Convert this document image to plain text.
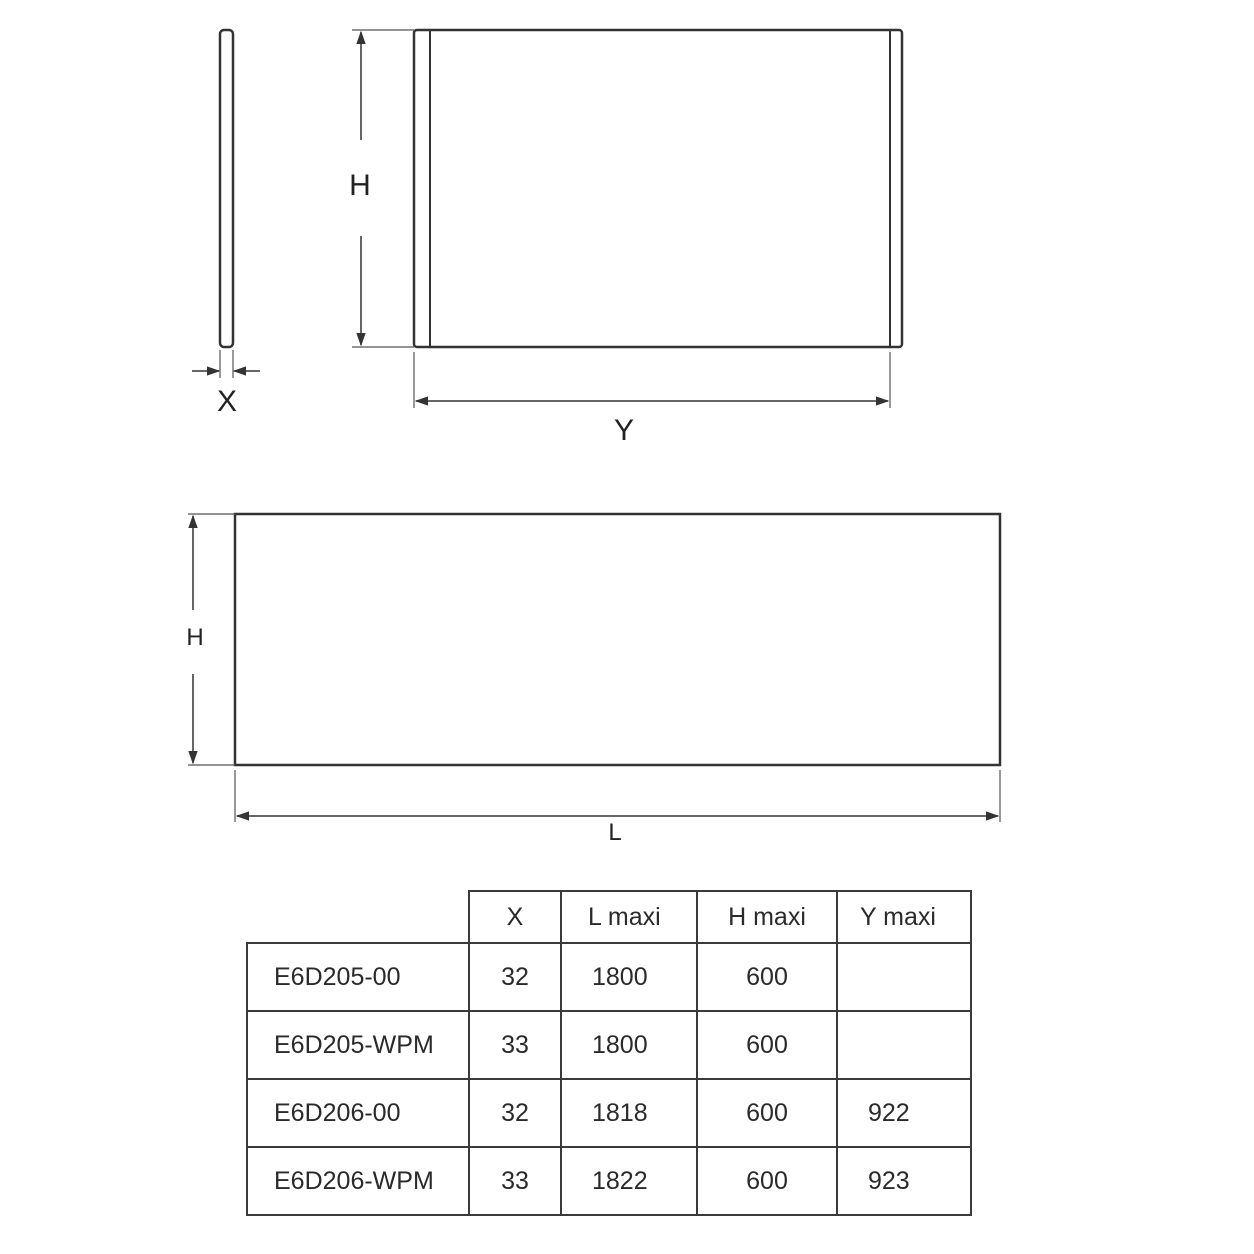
X
H
Y
H
L
	X	L maxi	H maxi	Y maxi
E6D205-00	32	1800	600	
E6D205-WPM	33	1800	600	
E6D206-00	32	1818	600	922
E6D206-WPM	33	1822	600	923
